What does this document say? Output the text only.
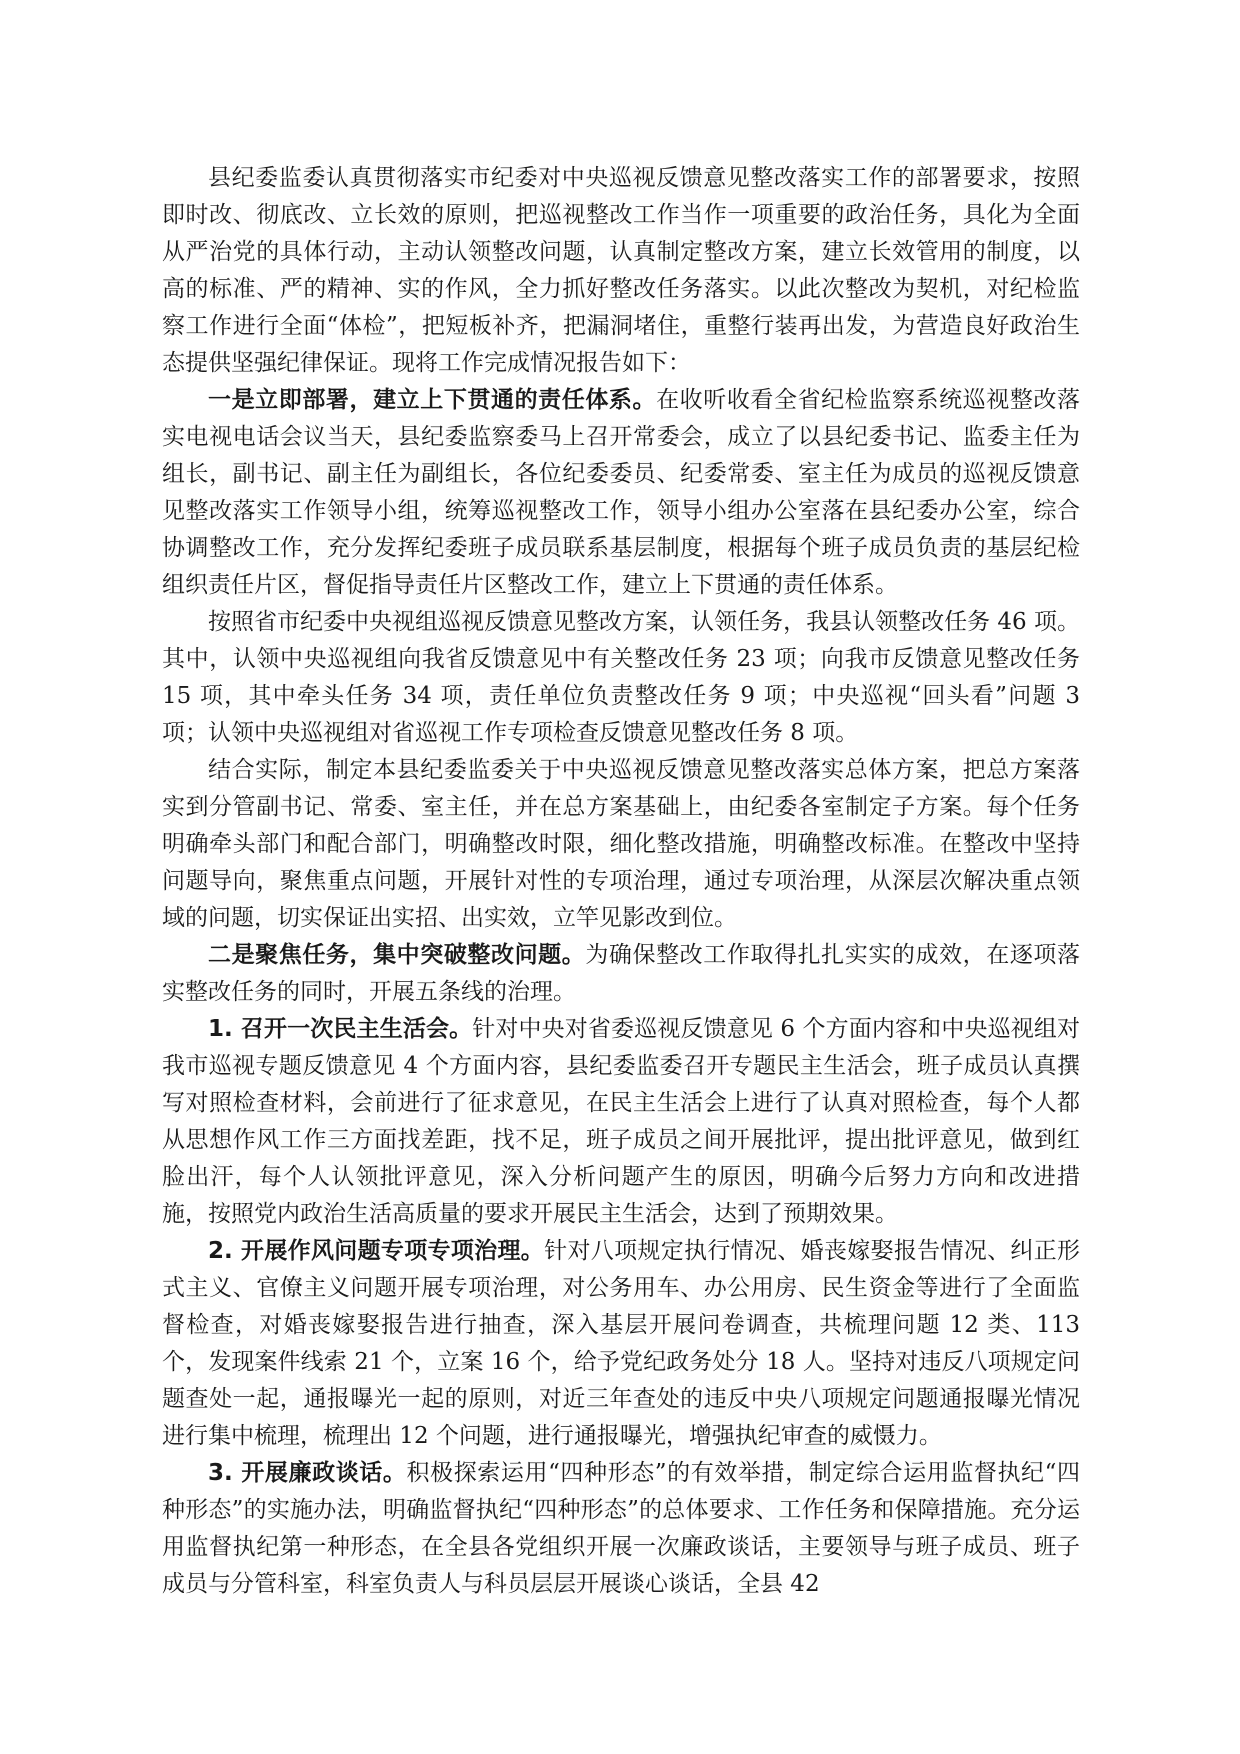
县纪委监委认真贯彻落实市纪委对中央巡视反馈意见整改落实工作的部署要求，按照即时改、彻底改、立长效的原则，把巡视整改工作当作一项重要的政治任务，具化为全面从严治党的具体行动，主动认领整改问题，认真制定整改方案，建立长效管用的制度，以高的标准、严的精神、实的作风，全力抓好整改任务落实。以此次整改为契机，对纪检监察工作进行全面“体检”，把短板补齐，把漏洞堵住，重整行装再出发，为营造良好政治生态提供坚强纪律保证。现将工作完成情况报告如下：

一是立即部署，建立上下贯通的责任体系。在收听收看全省纪检监察系统巡视整改落实电视电话会议当天，县纪委监察委马上召开常委会，成立了以县纪委书记、监委主任为组长，副书记、副主任为副组长，各位纪委委员、纪委常委、室主任为成员的巡视反馈意见整改落实工作领导小组，统筹巡视整改工作，领导小组办公室落在县纪委办公室，综合协调整改工作，充分发挥纪委班子成员联系基层制度，根据每个班子成员负责的基层纪检组织责任片区，督促指导责任片区整改工作，建立上下贯通的责任体系。

按照省市纪委中央视组巡视反馈意见整改方案，认领任务，我县认领整改任务 46 项。其中，认领中央巡视组向我省反馈意见中有关整改任务 23 项；向我市反馈意见整改任务 15 项，其中牵头任务 34 项，责任单位负责整改任务 9 项；中央巡视“回头看”问题 3 项；认领中央巡视组对省巡视工作专项检查反馈意见整改任务 8 项。

结合实际，制定本县纪委监委关于中央巡视反馈意见整改落实总体方案，把总方案落实到分管副书记、常委、室主任，并在总方案基础上，由纪委各室制定子方案。每个任务明确牵头部门和配合部门，明确整改时限，细化整改措施，明确整改标准。在整改中坚持问题导向，聚焦重点问题，开展针对性的专项治理，通过专项治理，从深层次解决重点领域的问题，切实保证出实招、出实效，立竿见影改到位。

二是聚焦任务，集中突破整改问题。为确保整改工作取得扎扎实实的成效，在逐项落实整改任务的同时，开展五条线的治理。

1. 召开一次民主生活会。针对中央对省委巡视反馈意见 6 个方面内容和中央巡视组对我市巡视专题反馈意见 4 个方面内容，县纪委监委召开专题民主生活会，班子成员认真撰写对照检查材料，会前进行了征求意见，在民主生活会上进行了认真对照检查，每个人都从思想作风工作三方面找差距，找不足，班子成员之间开展批评，提出批评意见，做到红脸出汗，每个人认领批评意见，深入分析问题产生的原因，明确今后努力方向和改进措施，按照党内政治生活高质量的要求开展民主生活会，达到了预期效果。

2. 开展作风问题专项专项治理。针对八项规定执行情况、婚丧嫁娶报告情况、纠正形式主义、官僚主义问题开展专项治理，对公务用车、办公用房、民生资金等进行了全面监督检查，对婚丧嫁娶报告进行抽查，深入基层开展问卷调查，共梳理问题 12 类、113 个，发现案件线索 21 个，立案 16 个，给予党纪政务处分 18 人。坚持对违反八项规定问题查处一起，通报曝光一起的原则，对近三年查处的违反中央八项规定问题通报曝光情况进行集中梳理，梳理出 12 个问题，进行通报曝光，增强执纪审查的威慑力。

3. 开展廉政谈话。积极探索运用“四种形态”的有效举措，制定综合运用监督执纪“四种形态”的实施办法，明确监督执纪“四种形态”的总体要求、工作任务和保障措施。充分运用监督执纪第一种形态，在全县各党组织开展一次廉政谈话，主要领导与班子成员、班子成员与分管科室，科室负责人与科员层层开展谈心谈话，全县 42
